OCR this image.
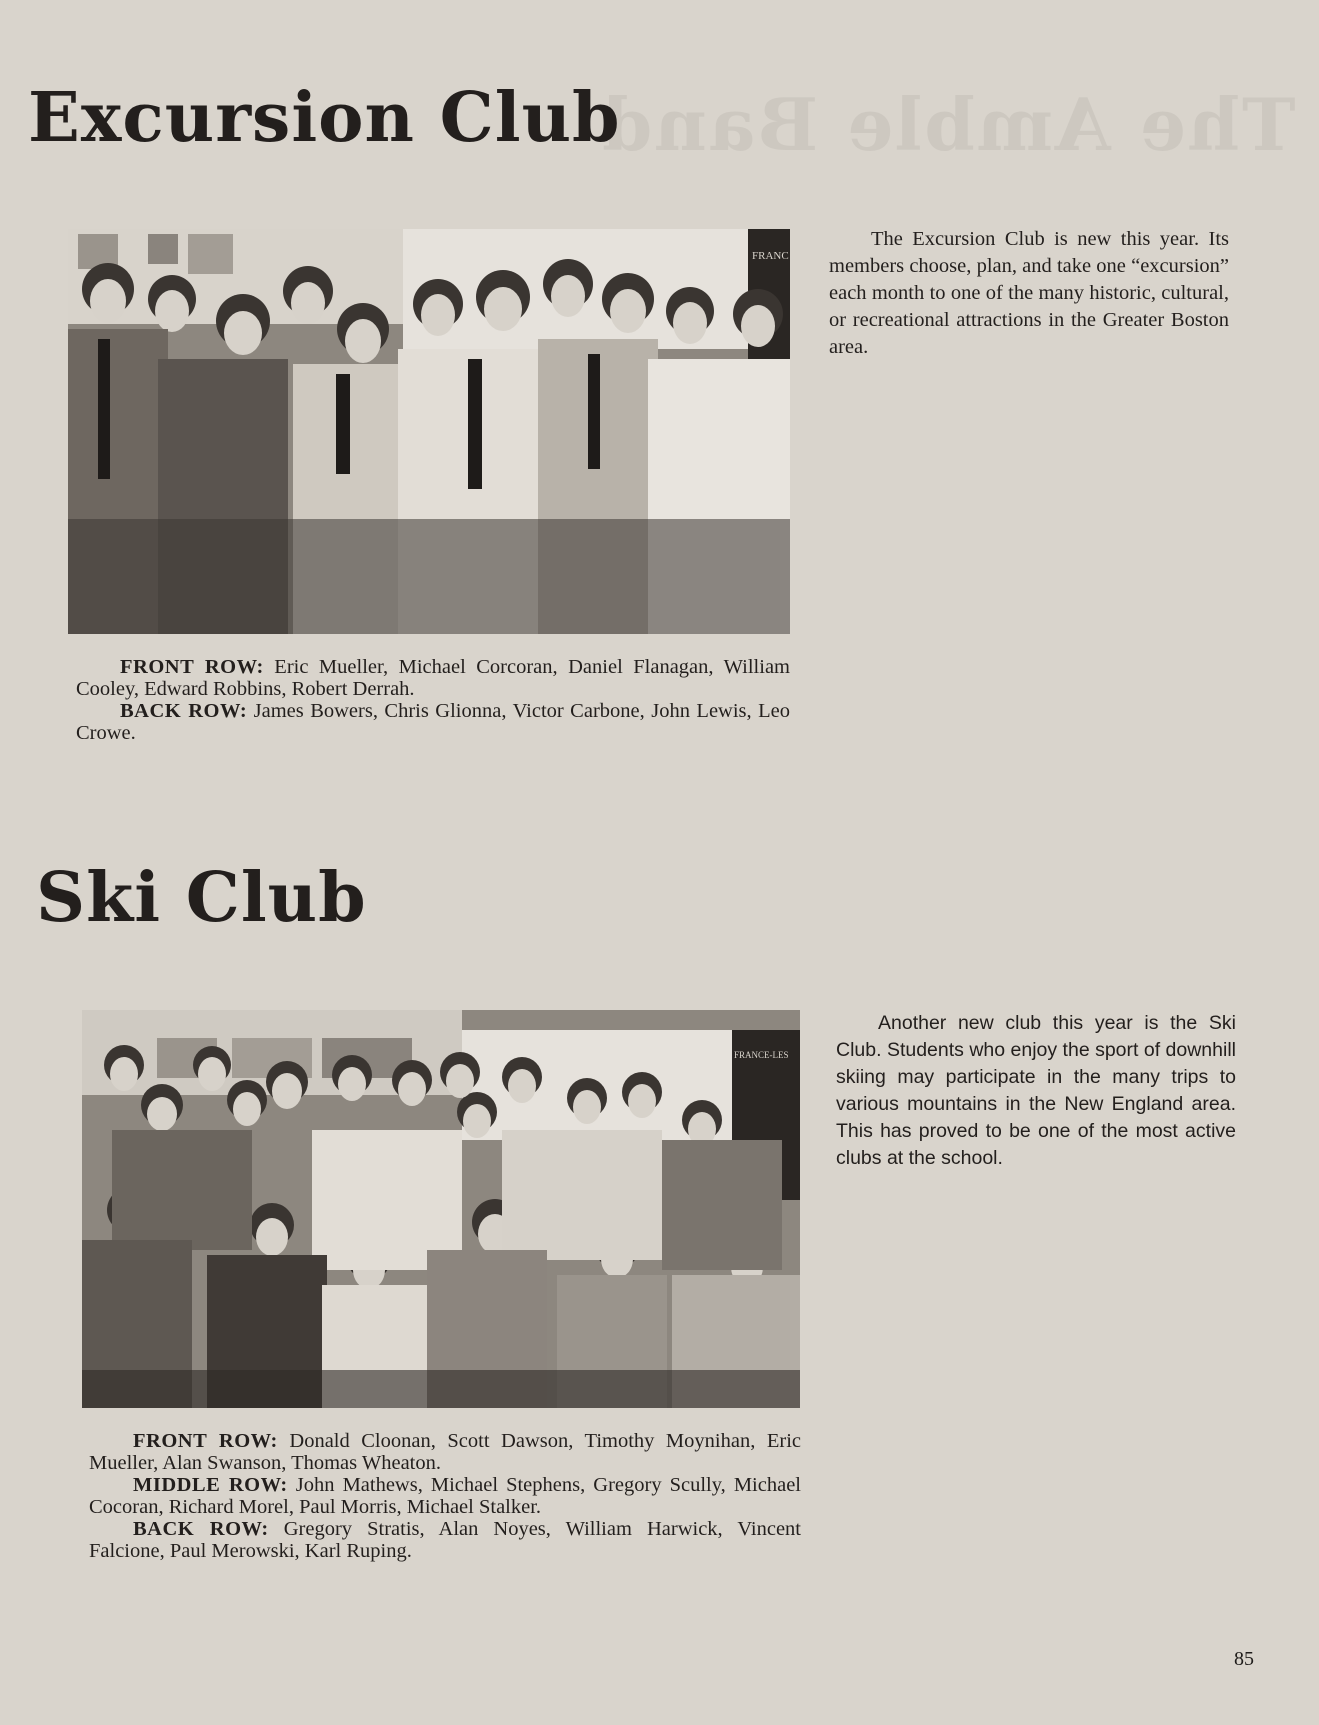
The Amble Band
Excursion Club
FRANC

FRONT ROW: Eric Mueller, Michael Corcoran, Daniel Flanagan, William Cooley, Edward Robbins, Robert Derrah.

BACK ROW: James Bowers, Chris Glionna, Victor Carbone, John Lewis, Leo Crowe.

The Excursion Club is new this year. Its members choose, plan, and take one “excursion” each month to one of the many historic, cultural, or recreational attractions in the Greater Boston area.

Ski Club
FRANCE-LES

FRONT ROW: Donald Cloonan, Scott Dawson, Timothy Moynihan, Eric Mueller, Alan Swanson, Thomas Wheaton.

MIDDLE ROW: John Mathews, Michael Stephens, Gregory Scully, Michael Cocoran, Richard Morel, Paul Morris, Michael Stalker.

BACK ROW: Gregory Stratis, Alan Noyes, William Harwick, Vincent Falcione, Paul Merowski, Karl Ruping.

Another new club this year is the Ski Club. Students who enjoy the sport of downhill skiing may participate in the many trips to various mountains in the New England area. This has proved to be one of the most active clubs at the school.

85
